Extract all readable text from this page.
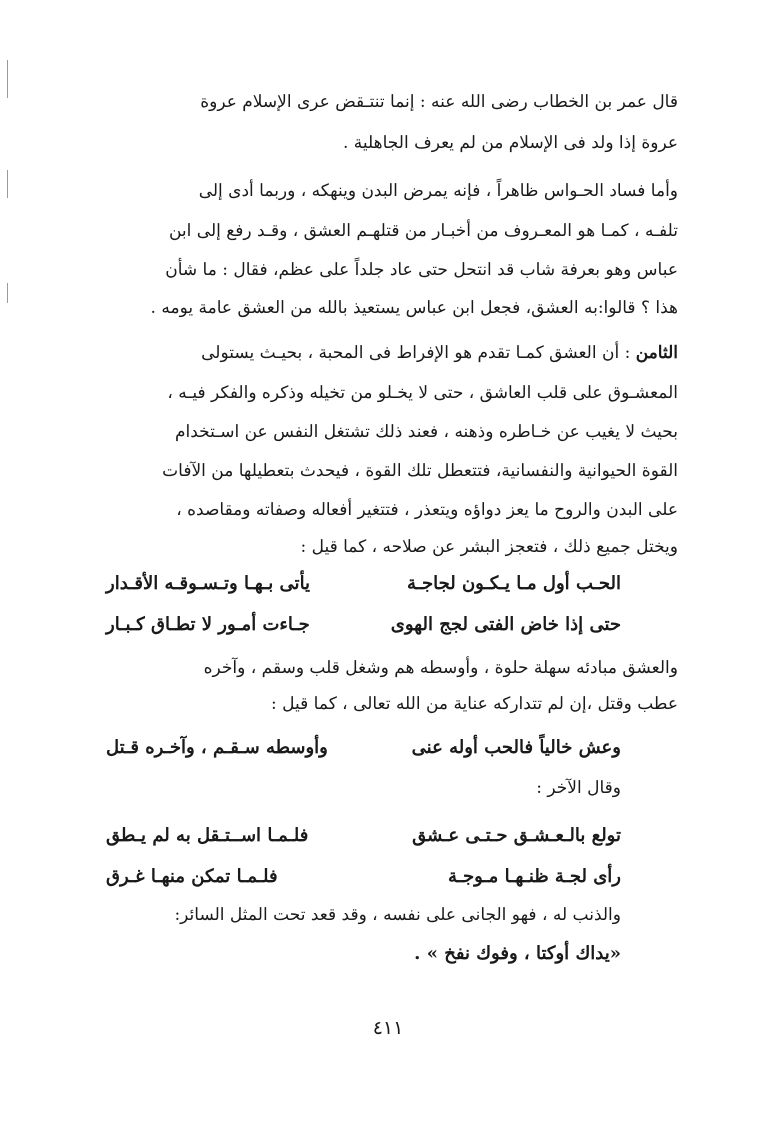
قال عمر بن الخطاب رضى الله عنه : إنما تنتـقض عرى الإسلام عروة
عروة إذا ولد فى الإسلام من لم يعرف الجاهلية .
وأما فساد الحـواس ظاهراً ، فإنه يمرض البدن وينهكه ، وربما أدى إلى
تلفـه ، كمـا هو المعـروف من أخبـار من قتلهـم العشق ، وقـد رفع إلى ابن
عباس وهو بعرفة شاب قد انتحل حتى عاد جلداً على عظم، فقال : ما شأن
هذا ؟ قالوا:به العشق، فجعل ابن عباس يستعيذ بالله من العشق عامة يومه .
الثامن : أن العشق كمـا تقدم هو الإفراط فى المحبة ، بحيـث يستولى
المعشـوق على قلب العاشق ، حتى لا يخـلو من تخيله وذكره والفكر فيـه ،
بحيث لا يغيب عن خـاطره وذهنه ، فعند ذلك تشتغل النفس عن اسـتخدام
القوة الحيوانية والنفسانية، فتتعطل تلك القوة ، فيحدث بتعطيلها من الآفات
على البدن والروح ما يعز دواؤه ويتعذر ، فتتغير أفعاله وصفاته ومقاصده ،
ويختل جميع ذلك ، فتعجز البشر عن صلاحه ، كما قيل :
الحـب أول مـا يـكـون لجاجـة
يأتى بـهـا وتـسـوقـه الأقـدار
حتى إذا خاض الفتى لجج الهوى
جـاءت أمـور لا تطـاق كـبـار
والعشق مبادئه سهلة حلوة ، وأوسطه هم وشغل قلب وسقم ، وآخره
عطب وقتل ،إن لم تتداركه عناية من الله تعالى ، كما قيل :
وعش خالياً فالحب أوله عنى
وأوسطه سـقـم ، وآخـره قـتل
وقال الآخر :
تولع بالـعـشـق حـتـى عـشق
فلـمـا اســتـقل به لم يـطق
رأى لجـة ظنـهـا مـوجـة
فلـمـا تمكن منهـا غـرق
والذنب له ، فهو الجانى على نفسه ، وقد قعد تحت المثل السائر:
«يداك أوكتا ، وفوك نفخ » .
٤١١
